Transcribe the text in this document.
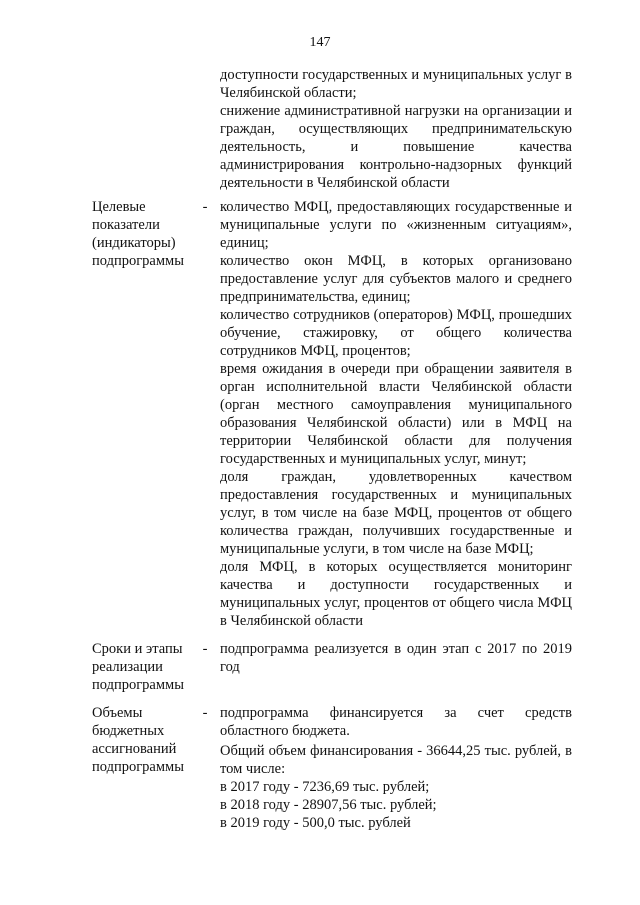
147

доступности государственных и муниципальных услуг в Челябинской области;

снижение административной нагрузки на организации и граждан, осуществляющих предпринимательскую деятельность, и повышение качества администрирования контрольно-надзорных функций деятельности в Челябинской области

Целевые показатели (индикаторы) подпрограммы
- количество МФЦ, предоставляющих государственные и муниципальные услуги по «жизненным ситуациям», единиц;

количество окон МФЦ, в которых организовано предоставление услуг для субъектов малого и среднего предпринимательства, единиц;

количество сотрудников (операторов) МФЦ, прошедших обучение, стажировку, от общего количества сотрудников МФЦ, процентов;

время ожидания в очереди при обращении заявителя в орган исполнительной власти Челябинской области (орган местного самоуправления муниципального образования Челябинской области) или в МФЦ на территории Челябинской области для получения государственных и муниципальных услуг, минут;

доля граждан, удовлетворенных качеством предоставления государственных и муниципальных услуг, в том числе на базе МФЦ, процентов от общего количества граждан, получивших государственные и муниципальные услуги, в том числе на базе МФЦ;

доля МФЦ, в которых осуществляется мониторинг качества и доступности государственных и муниципальных услуг, процентов от общего числа МФЦ в Челябинской области

Сроки и этапы реализации подпрограммы
- подпрограмма реализуется в один этап с 2017 по 2019 год

Объемы бюджетных ассигнований подпрограммы
- подпрограмма финансируется за счет средств областного бюджета.

Общий объем финансирования - 36644,25 тыс. рублей, в том числе:

в 2017 году - 7236,69 тыс. рублей;

в 2018 году - 28907,56 тыс. рублей;

в 2019 году - 500,0 тыс. рублей
